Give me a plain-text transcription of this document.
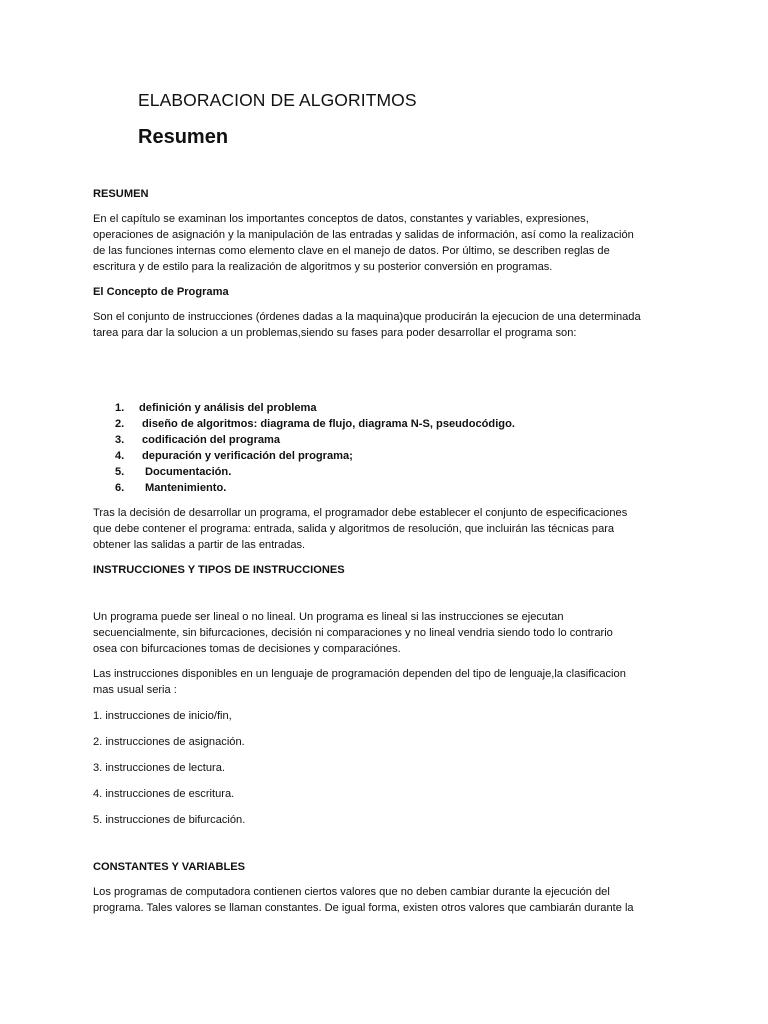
ELABORACION DE ALGORITMOS
Resumen

RESUMEN

En el capítulo se examinan los importantes conceptos de datos, constantes y variables, expresiones,
operaciones de asignación y la manipulación de las entradas y salidas de información, así como la realización
de las funciones internas como elemento clave en el manejo de datos. Por último, se describen reglas de
escritura y de estilo para la realización de algoritmos y su posterior conversión en programas.

El Concepto de Programa

Son el conjunto de instrucciones (órdenes dadas a la maquina)que producirán la ejecucion de una determinada
tarea para dar la solucion a un problemas,siendo su fases para poder desarrollar el programa son:

1. definición y análisis del problema
2. diseño de algoritmos: diagrama de flujo, diagrama N-S, pseudocódigo.
3. codificación del programa
4. depuración y verificación del programa;
5. Documentación.
6. Mantenimiento.

Tras la decisión de desarrollar un programa, el programador debe establecer el conjunto de especificaciones
que debe contener el programa: entrada, salida y algoritmos de resolución, que incluirán las técnicas para
obtener las salidas a partir de las entradas.

INSTRUCCIONES Y TIPOS DE INSTRUCCIONES

Un programa puede ser lineal o no lineal. Un programa es lineal si las instrucciones se ejecutan
secuencialmente, sin bifurcaciones, decisión ni comparaciones y no lineal vendria siendo todo lo contrario
osea con bifurcaciones tomas de decisiones y comparaciónes.

Las instrucciones disponibles en un lenguaje de programación dependen del tipo de lenguaje,la clasificacion
mas usual seria :

1. instrucciones de inicio/fin,

2. instrucciones de asignación.

3. instrucciones de lectura.

4. instrucciones de escritura.

5. instrucciones de bifurcación.

CONSTANTES Y VARIABLES

Los programas de computadora contienen ciertos valores que no deben cambiar durante la ejecución del
programa. Tales valores se llaman constantes. De igual forma, existen otros valores que cambiarán durante la
